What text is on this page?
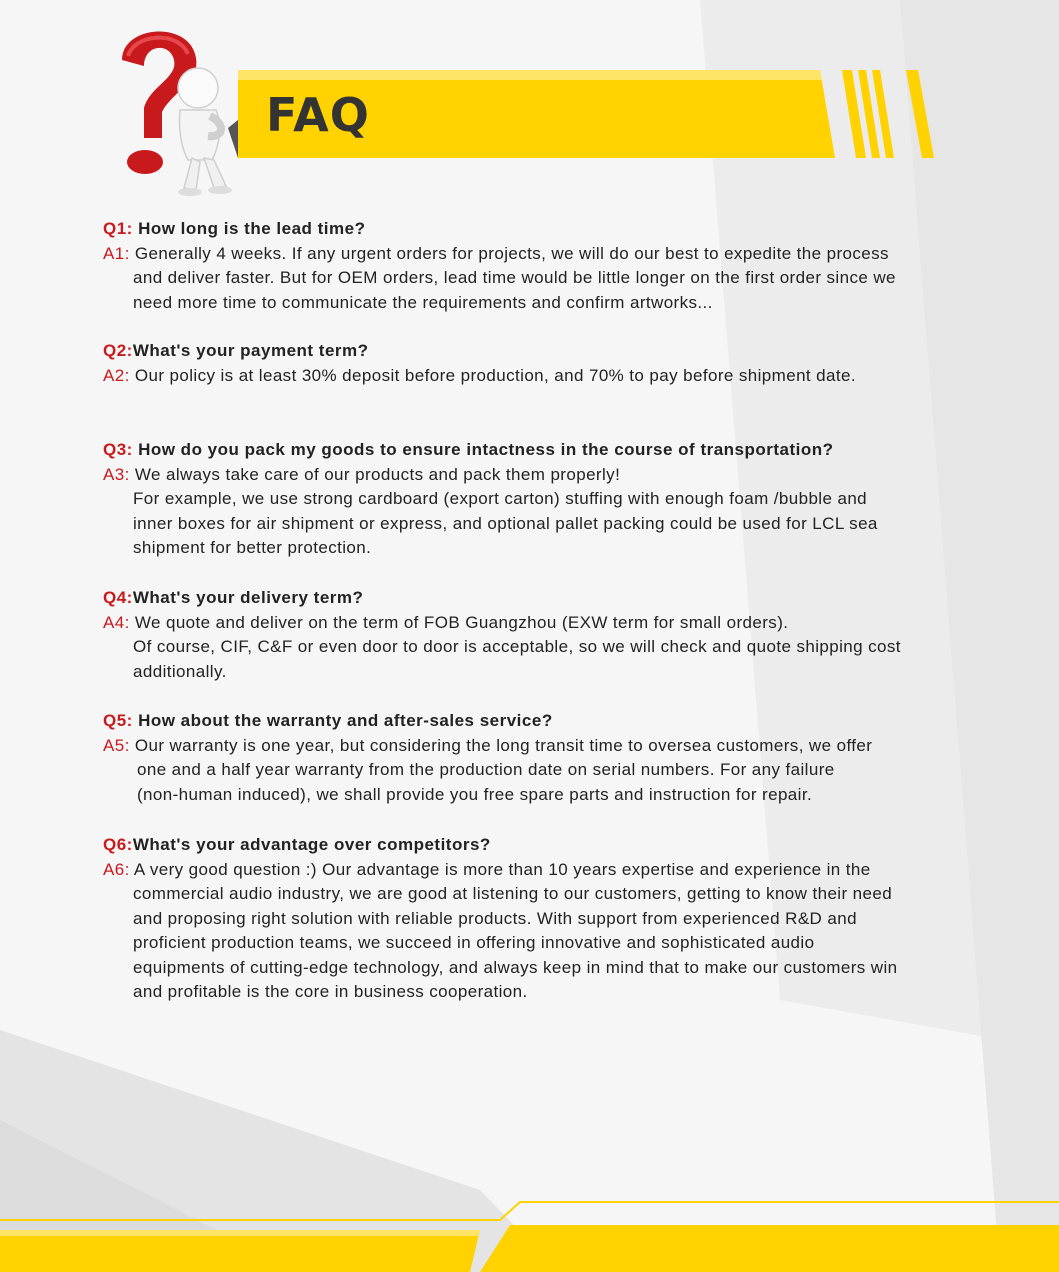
FAQ
Q1: How long is the lead time?
A1: Generally 4 weeks. If any urgent orders for projects, we will do our best to expedite the process
and deliver faster. But for OEM orders, lead time would be little longer on the first order since we
need more time to communicate the requirements and confirm artworks...
Q2:What's your payment term?
A2: Our policy is at least 30% deposit before production, and 70% to pay before shipment date.
Q3: How do you pack my goods to ensure intactness in the course of transportation?
A3: We always take care of our products and pack them properly!
For example, we use strong cardboard (export carton) stuffing with enough foam /bubble and
inner boxes for air shipment or express, and optional pallet packing could be used for LCL sea
shipment for better protection.
Q4:What's your delivery term?
A4: We quote and deliver on the term of FOB Guangzhou (EXW term for small orders).
Of course, CIF, C&F or even door to door is acceptable, so we will check and quote shipping cost
additionally.
Q5: How about the warranty and after-sales service?
A5: Our warranty is one year, but considering the long transit time to oversea customers, we offer
one and a half year warranty from the production date on serial numbers. For any failure
(non-human induced), we shall provide you free spare parts and instruction for repair.
Q6:What's your advantage over competitors?
A6: A very good question :) Our advantage is more than 10 years expertise and experience in the
commercial audio industry, we are good at listening to our customers, getting to know their need
and proposing right solution with reliable products. With support from experienced R&D and
proficient production teams, we succeed in offering innovative and sophisticated audio
equipments of cutting-edge technology, and always keep in mind that to make our customers win
and profitable is the core in business cooperation.
